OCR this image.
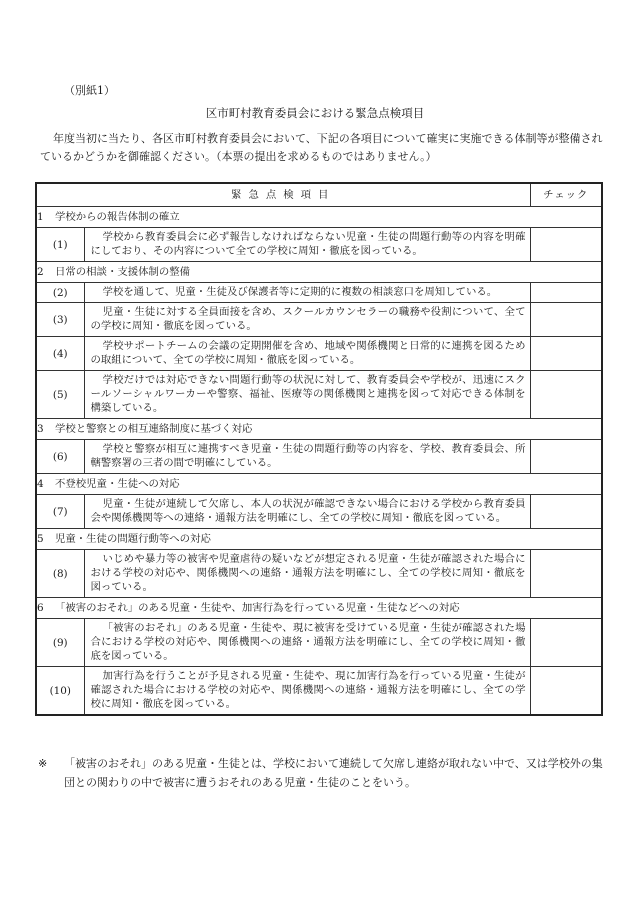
（別紙1）
区市町村教育委員会における緊急点検項目
年度当初に当たり、各区市町村教育委員会において、下記の各項目について確実に実施できる体制等が整備されているかどうかを御確認ください。（本票の提出を求めるものではありません。）
緊急点検項目		チェック
1 学校からの報告体制の確立		
(1)	学校から教育委員会に必ず報告しなければならない児童・生徒の問題行動等の内容を明確にしており、その内容について全ての学校に周知・徹底を図っている。	
2 日常の相談・支援体制の整備		
(2)	学校を通して、児童・生徒及び保護者等に定期的に複数の相談窓口を周知している。	
(3)	児童・生徒に対する全員面接を含め、スクールカウンセラーの職務や役割について、全ての学校に周知・徹底を図っている。	
(4)	学校サポートチームの会議の定期開催を含め、地域や関係機関と日常的に連携を図るための取組について、全ての学校に周知・徹底を図っている。	
(5)	学校だけでは対応できない問題行動等の状況に対して、教育委員会や学校が、迅速にスクールソーシャルワーカーや警察、福祉、医療等の関係機関と連携を図って対応できる体制を構築している。	
3 学校と警察との相互連絡制度に基づく対応		
(6)	学校と警察が相互に連携すべき児童・生徒の問題行動等の内容を、学校、教育委員会、所轄警察署の三者の間で明確にしている。	
4 不登校児童・生徒への対応		
(7)	児童・生徒が連続して欠席し、本人の状況が確認できない場合における学校から教育委員会や関係機関等への連絡・通報方法を明確にし、全ての学校に周知・徹底を図っている。	
5 児童・生徒の問題行動等への対応		
(8)	いじめや暴力等の被害や児童虐待の疑いなどが想定される児童・生徒が確認された場合における学校の対応や、関係機関への連絡・通報方法を明確にし、全ての学校に周知・徹底を図っている。	
6 「被害のおそれ」のある児童・生徒や、加害行為を行っている児童・生徒などへの対応		
(9)	「被害のおそれ」のある児童・生徒や、現に被害を受けている児童・生徒が確認された場合における学校の対応や、関係機関への連絡・通報方法を明確にし、全ての学校に周知・徹底を図っている。	
(10)	加害行為を行うことが予見される児童・生徒や、現に加害行為を行っている児童・生徒が確認された場合における学校の対応や、関係機関への連絡・通報方法を明確にし、全ての学校に周知・徹底を図っている。	
※ 「被害のおそれ」のある児童・生徒とは、学校において連続して欠席し連絡が取れない中で、又は学校外の集団との関わりの中で被害に遭うおそれのある児童・生徒のことをいう。
